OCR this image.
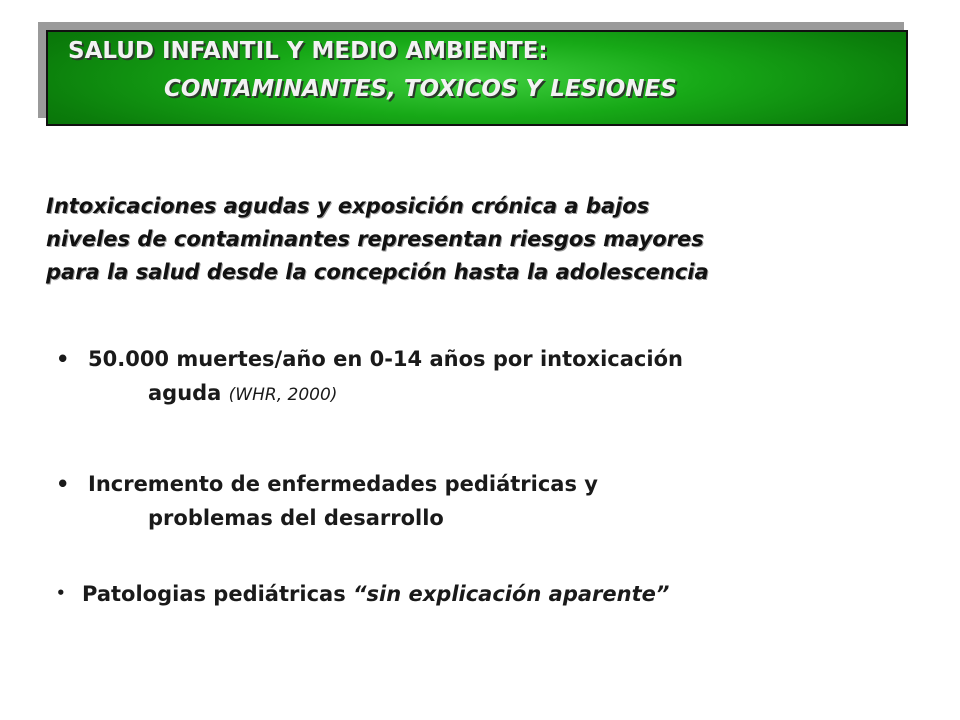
SALUD INFANTIL Y MEDIO AMBIENTE:

CONTAMINANTES, TOXICOS Y LESIONES

Intoxicaciones agudas y exposición crónica a bajos
niveles de contaminantes representan riesgos mayores
para la salud desde la concepción hasta la adolescencia
• 50.000 muertes/año en 0-14 años por intoxicación
aguda (WHR, 2000)
• Incremento de enfermedades pediátricas y
problemas del desarrollo
• Patologias pediátricas “sin explicación aparente”
